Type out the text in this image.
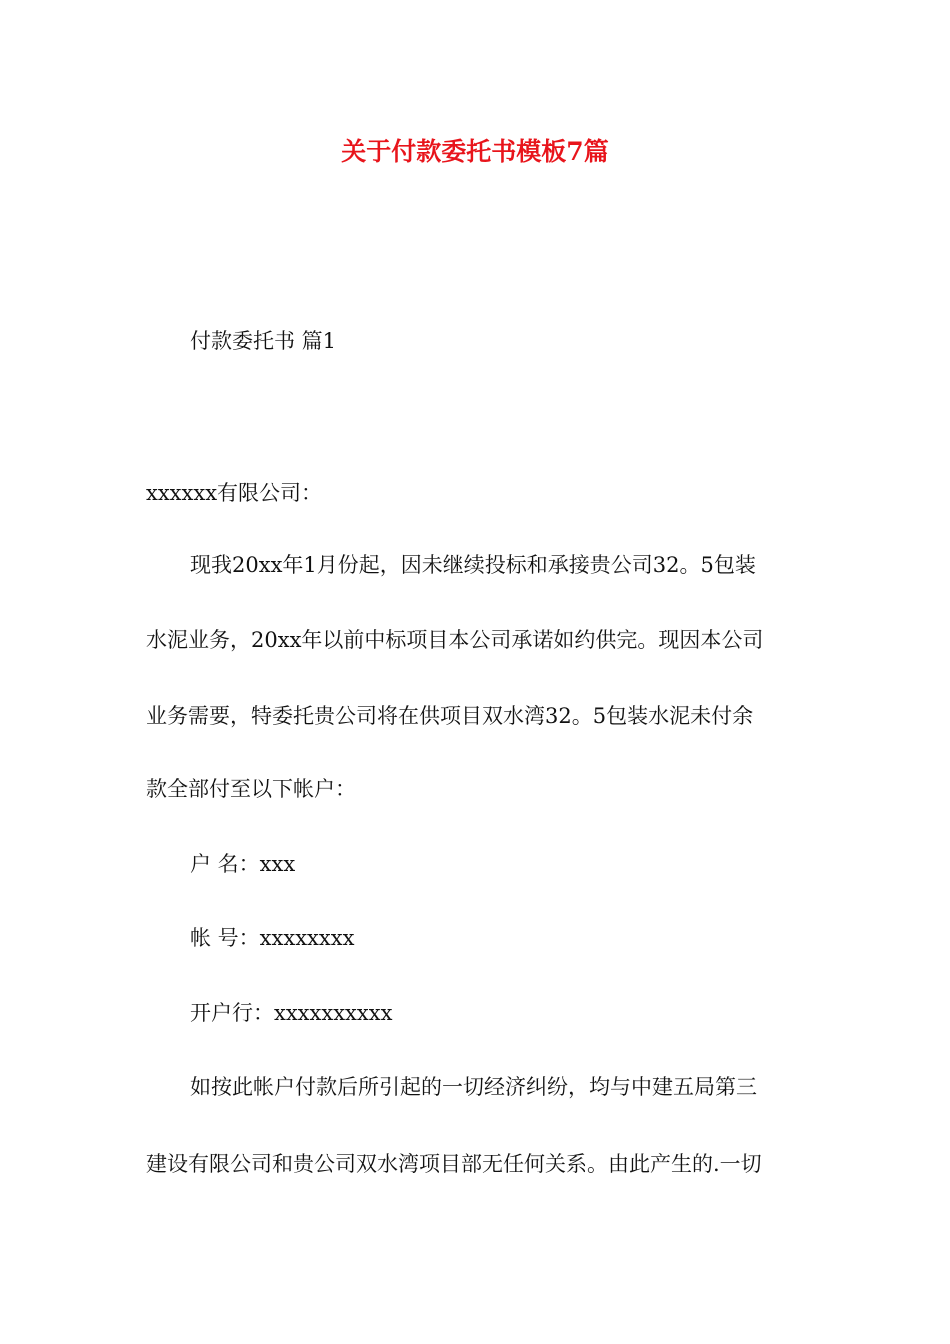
关于付款委托书模板7篇

付款委托书 篇1

xxxxxx有限公司：

现我20xx年1月份起，因未继续投标和承接贵公司32。5包装

水泥业务，20xx年以前中标项目本公司承诺如约供完。现因本公司

业务需要，特委托贵公司将在供项目双水湾32。5包装水泥未付余

款全部付至以下帐户：

户 名：xxx

帐 号：xxxxxxxx

开户行：xxxxxxxxxx

如按此帐户付款后所引起的一切经济纠纷，均与中建五局第三

建设有限公司和贵公司双水湾项目部无任何关系。由此产生的.一切
